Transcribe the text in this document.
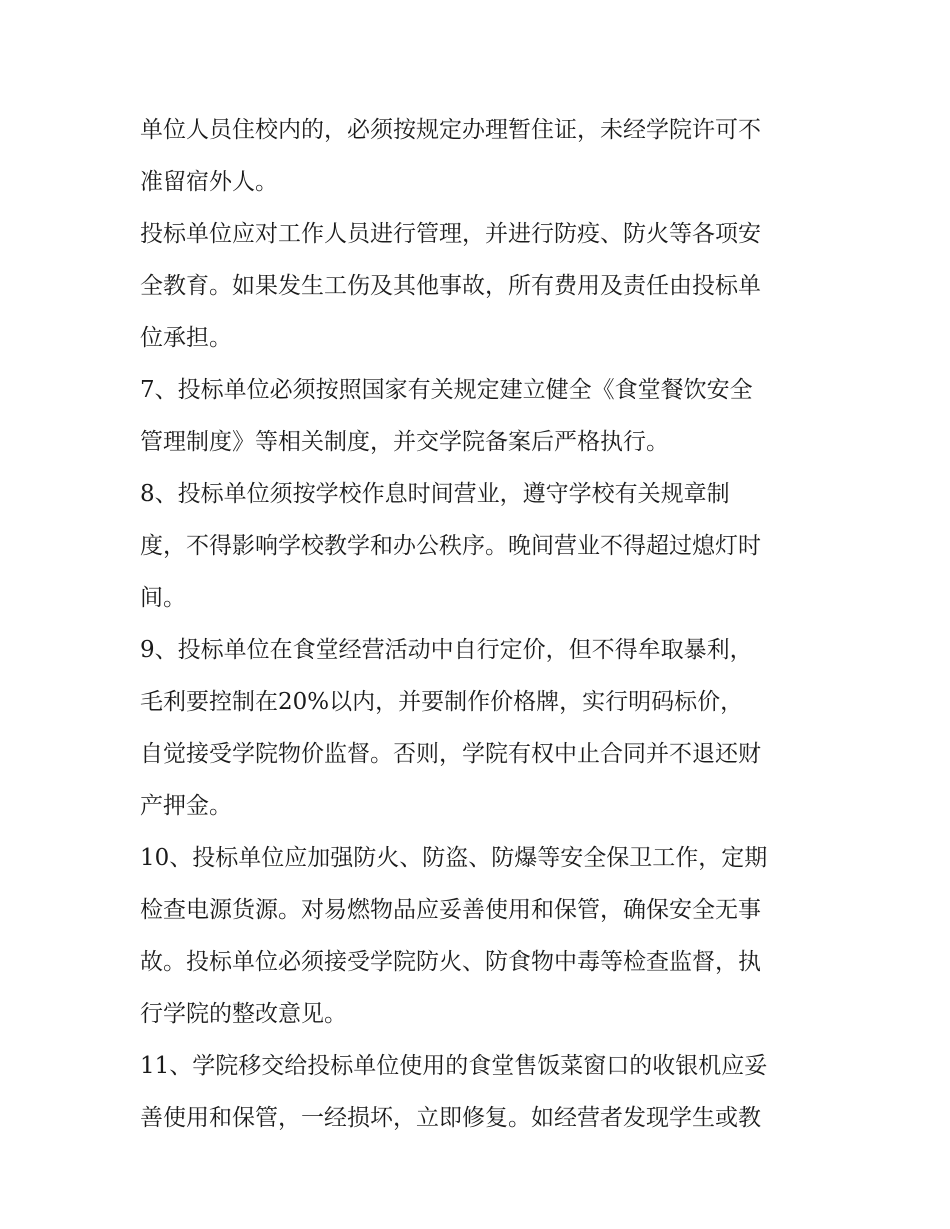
单位人员住校内的，必须按规定办理暂住证，未经学院许可不
准留宿外人。
投标单位应对工作人员进行管理，并进行防疫、防火等各项安
全教育。如果发生工伤及其他事故，所有费用及责任由投标单
位承担。
7、投标单位必须按照国家有关规定建立健全《食堂餐饮安全
管理制度》等相关制度，并交学院备案后严格执行。
8、投标单位须按学校作息时间营业，遵守学校有关规章制
度，不得影响学校教学和办公秩序。晚间营业不得超过熄灯时
间。
9、投标单位在食堂经营活动中自行定价，但不得牟取暴利，
毛利要控制在20%以内，并要制作价格牌，实行明码标价，
自觉接受学院物价监督。否则，学院有权中止合同并不退还财
产押金。
10、投标单位应加强防火、防盗、防爆等安全保卫工作，定期
检查电源货源。对易燃物品应妥善使用和保管，确保安全无事
故。投标单位必须接受学院防火、防食物中毒等检查监督，执
行学院的整改意见。
11、学院移交给投标单位使用的食堂售饭菜窗口的收银机应妥
善使用和保管，一经损坏，立即修复。如经营者发现学生或教
